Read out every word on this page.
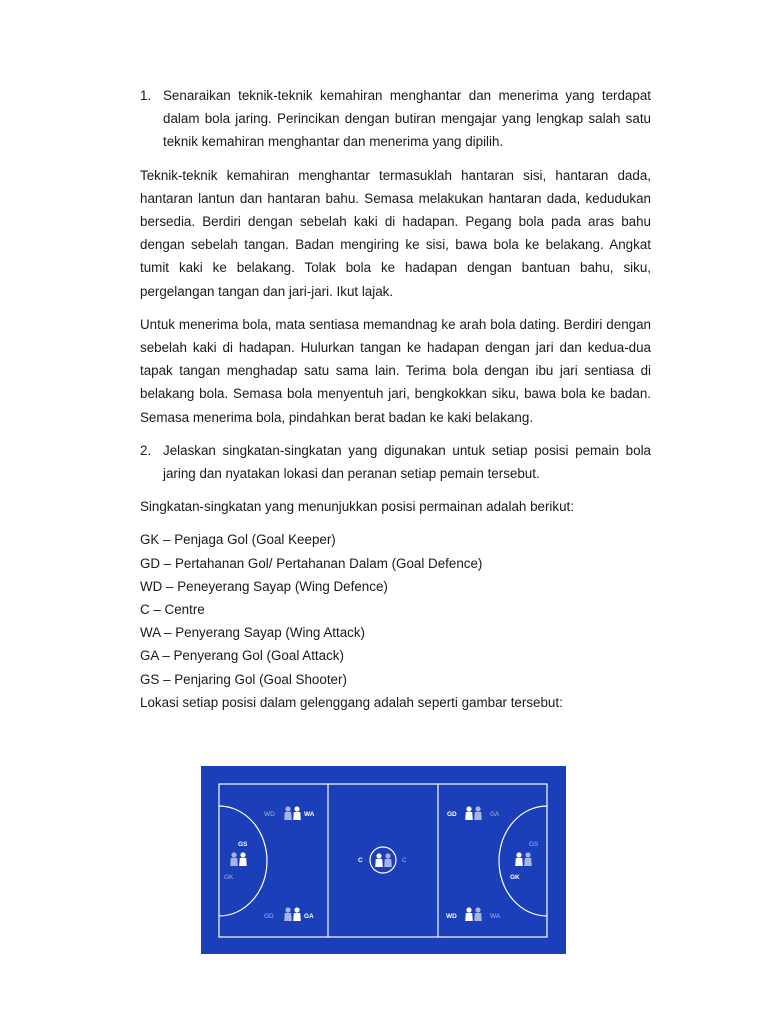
1. Senaraikan teknik-teknik kemahiran menghantar dan menerima yang terdapat dalam bola jaring. Perincikan dengan butiran mengajar yang lengkap salah satu teknik kemahiran menghantar dan menerima yang dipilih.

Teknik-teknik kemahiran menghantar termasuklah hantaran sisi, hantaran dada, hantaran lantun dan hantaran bahu. Semasa melakukan hantaran dada, kedudukan bersedia. Berdiri dengan sebelah kaki di hadapan. Pegang bola pada aras bahu dengan sebelah tangan. Badan mengiring ke sisi, bawa bola ke belakang. Angkat tumit kaki ke belakang. Tolak bola ke hadapan dengan bantuan bahu, siku, pergelangan tangan dan jari-jari. Ikut lajak.

Untuk menerima bola, mata sentiasa memandnag ke arah bola dating. Berdiri dengan sebelah kaki di hadapan. Hulurkan tangan ke hadapan dengan jari dan kedua-dua tapak tangan menghadap satu sama lain. Terima bola dengan ibu jari sentiasa di belakang bola. Semasa bola menyentuh jari, bengkokkan siku, bawa bola ke badan. Semasa menerima bola, pindahkan berat badan ke kaki belakang.

2. Jelaskan singkatan-singkatan yang digunakan untuk setiap posisi pemain bola jaring dan nyatakan lokasi dan peranan setiap pemain tersebut.

Singkatan-singkatan yang menunjukkan posisi permainan adalah berikut:

GK – Penjaga Gol (Goal Keeper)
GD – Pertahanan Gol/ Pertahanan Dalam (Goal Defence)
WD – Peneyerang Sayap (Wing Defence)
C – Centre
WA – Penyerang Sayap (Wing Attack)
GA – Penyerang Gol (Goal Attack)
GS – Penjaring Gol (Goal Shooter)
Lokasi setiap posisi dalam gelenggang adalah seperti gambar tersebut:
WD	WA
GS
GK
GD	GA
C	C
GD	GA
GS
GK
WD	WA
